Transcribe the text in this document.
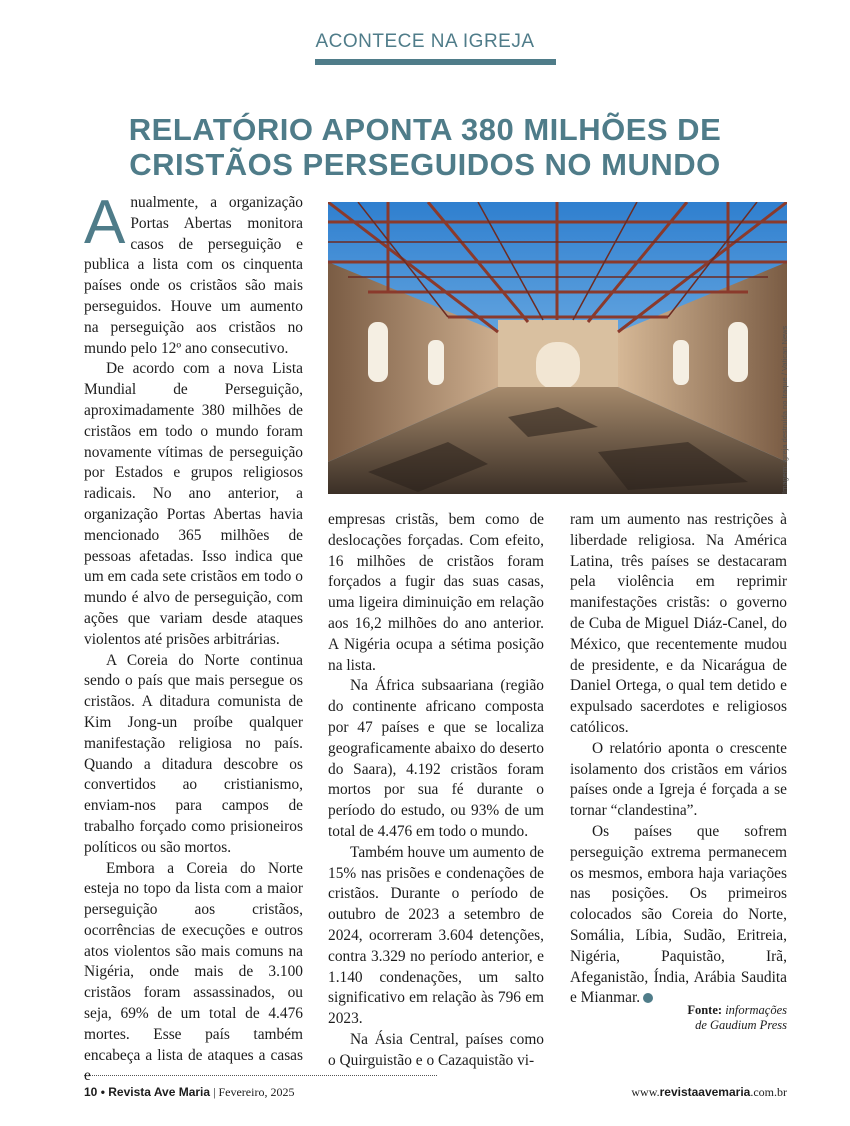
ACONTECE NA IGREJA
RELATÓRIO APONTA 380 MILHÕES DE
CRISTÃOS PERSEGUIDOS NO MUNDO

Anualmente, a organização Portas Abertas monitora casos de perseguição e publica a lista com os cinquenta países onde os cristãos são mais perseguidos. Houve um aumento na perseguição aos cristãos no mundo pelo 12º ano consecutivo.

De acordo com a nova Lista Mundial de Perseguição, aproximadamente 380 milhões de cristãos em todo o mundo foram novamente vítimas de perseguição por Estados e grupos religiosos radicais. No ano anterior, a organização Portas Abertas havia mencionado 365 milhões de pessoas afetadas. Isso indica que um em cada sete cristãos em todo o mundo é alvo de perseguição, com ações que variam desde ataques violentos até prisões arbitrárias.

A Coreia do Norte continua sendo o país que mais persegue os cristãos. A ditadura comunista de Kim Jong-un proíbe qualquer manifestação religiosa no país. Quando a ditadura descobre os convertidos ao cristianismo, enviam-nos para campos de trabalho forçado como prisioneiros políticos ou são mortos.

Embora a Coreia do Norte esteja no topo da lista com a maior perseguição aos cristãos, ocorrências de execuções e outros atos violentos são mais comuns na Nigéria, onde mais de 3.100 cristãos foram assassinados, ou seja, 69% de um total de 4.476 mortes. Esse país também encabeça a lista de ataques a casas e

Imagem: igreja destruída no Iraque / Vatican News

empresas cristãs, bem como de deslocações forçadas. Com efeito, 16 milhões de cristãos foram forçados a fugir das suas casas, uma ligeira diminuição em relação aos 16,2 milhões do ano anterior. A Nigéria ocupa a sétima posição na lista.

Na África subsaariana (região do continente africano composta por 47 países e que se localiza geograficamente abaixo do deserto do Saara), 4.192 cristãos foram mortos por sua fé durante o período do estudo, ou 93% de um total de 4.476 em todo o mundo.

Também houve um aumento de 15% nas prisões e condenações de cristãos. Durante o período de outubro de 2023 a setembro de 2024, ocorreram 3.604 detenções, contra 3.329 no período anterior, e 1.140 condenações, um salto significativo em relação às 796 em 2023.

Na Ásia Central, países como o Quirguistão e o Cazaquistão vi-

ram um aumento nas restrições à liberdade religiosa. Na América Latina, três países se destacaram pela violência em reprimir manifestações cristãs: o governo de Cuba de Miguel Diáz-Canel, do México, que recentemente mudou de presidente, e da Nicarágua de Daniel Ortega, o qual tem detido e expulsado sacerdotes e religiosos católicos.

O relatório aponta o crescente isolamento dos cristãos em vários países onde a Igreja é forçada a se tornar “clandestina”.

Os países que sofrem perseguição extrema permanecem os mesmos, embora haja variações nas posições. Os primeiros colocados são Coreia do Norte, Somália, Líbia, Sudão, Eritreia, Nigéria, Paquistão, Irã, Afeganistão, Índia, Arábia Saudita e Mianmar.

Fonte: informações
de Gaudium Press
10 • Revista Ave Maria | Fevereiro, 2025	www.revistaavemaria.com.br
